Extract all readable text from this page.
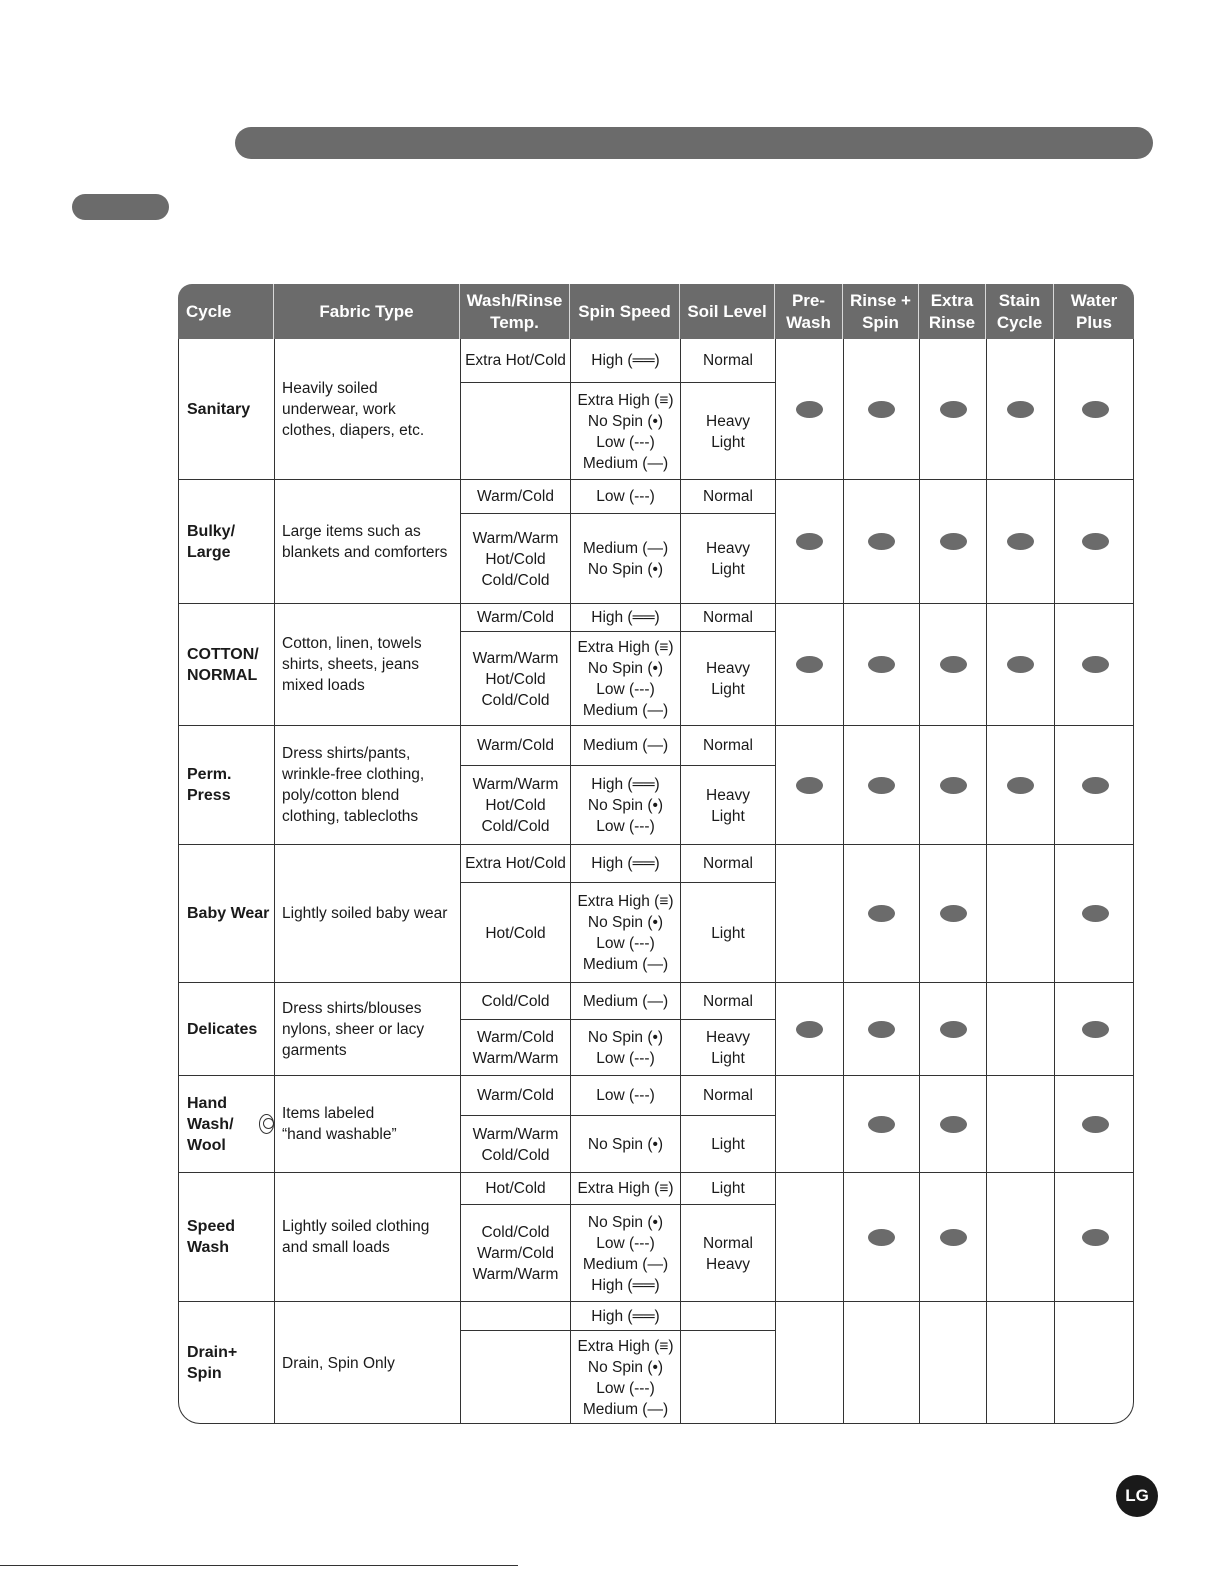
Cycle	Fabric Type
Wash/Rinse
Temp.
Spin Speed Soil Level
Pre-
Wash
Rinse +
Spin
Extra
Rinse
Stain
Cycle
Water
Plus
Sanitary
Heavily soiled
underwear, work
clothes, diapers, etc.
Extra Hot/Cold	High (══)
Extra High (≡)
No Spin (•)
Low (---)
Medium (—)
Normal
Heavy
Light
Bulky/
Large
Large items such as
blankets and comforters
Warm/Cold
Warm/Warm
Hot/Cold
Cold/Cold
Low (---)
Medium (—)
No Spin (•)
Normal
Heavy
Light
COTTON/
NORMAL
Cotton, linen, towels
shirts, sheets, jeans
mixed loads
Warm/Cold
Warm/Warm
Hot/Cold
Cold/Cold
High (══)
Extra High (≡)
No Spin (•)
Low (---)
Medium (—)
Normal
Heavy
Light
Perm. Press
Dress shirts/pants,
wrinkle-free clothing,
poly/cotton blend
clothing, tablecloths
Warm/Cold
Warm/Warm
Hot/Cold
Cold/Cold
Medium (—)
High (══)
No Spin (•)
Low (---)
Normal
Heavy
Light
Baby Wear Lightly soiled baby wear
Extra Hot/Cold
Hot/Cold
High (══)
Extra High (≡)
No Spin (•)
Low (---)
Medium (—)
Normal
Light
Delicates
Dress shirts/blouses
nylons, sheer or lacy
garments
Cold/Cold
Warm/Cold
Warm/Warm
Medium (—)
No Spin (•)
Low (---)
Normal
Heavy
Light
Hand Wash/
Wool
Items labeled
“hand washable”
Warm/Cold
Warm/Warm
Cold/Cold
Low (---)
No Spin (•)
Normal
Light
Speed
Wash
Lightly soiled clothing
and small loads
Hot/Cold
Cold/Cold
Warm/Cold
Warm/Warm
Extra High (≡)
No Spin (•)
Low (---)
Medium (—)
High (══)
Light
Normal
Heavy
Drain+
Spin
Drain, Spin Only
High (══)
Extra High (≡)
No Spin (•)
Low (---)
Medium (—)
LG
